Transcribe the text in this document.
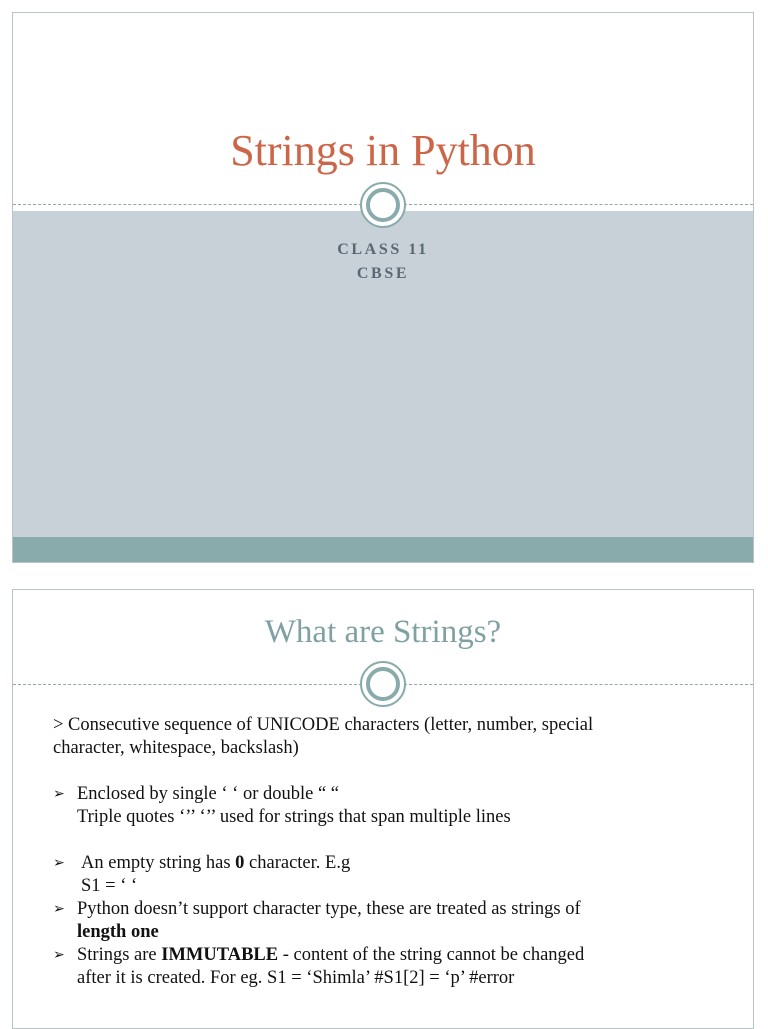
Strings in Python
CLASS 11
CBSE
What are Strings?

> Consecutive sequence of UNICODE characters (letter, number, special
character, whitespace, backslash)

➢ Enclosed by single ‘ ‘ or double “ “
Triple quotes ‘’’ ‘’’ used for strings that span multiple lines

➢ An empty string has 0 character. E.g
S1 = ‘ ‘

➢ Python doesn’t support character type, these are treated as strings of
length one

➢ Strings are IMMUTABLE - content of the string cannot be changed
after it is created. For eg. S1 = ‘Shimla’ #S1[2] = ‘p’ #error
